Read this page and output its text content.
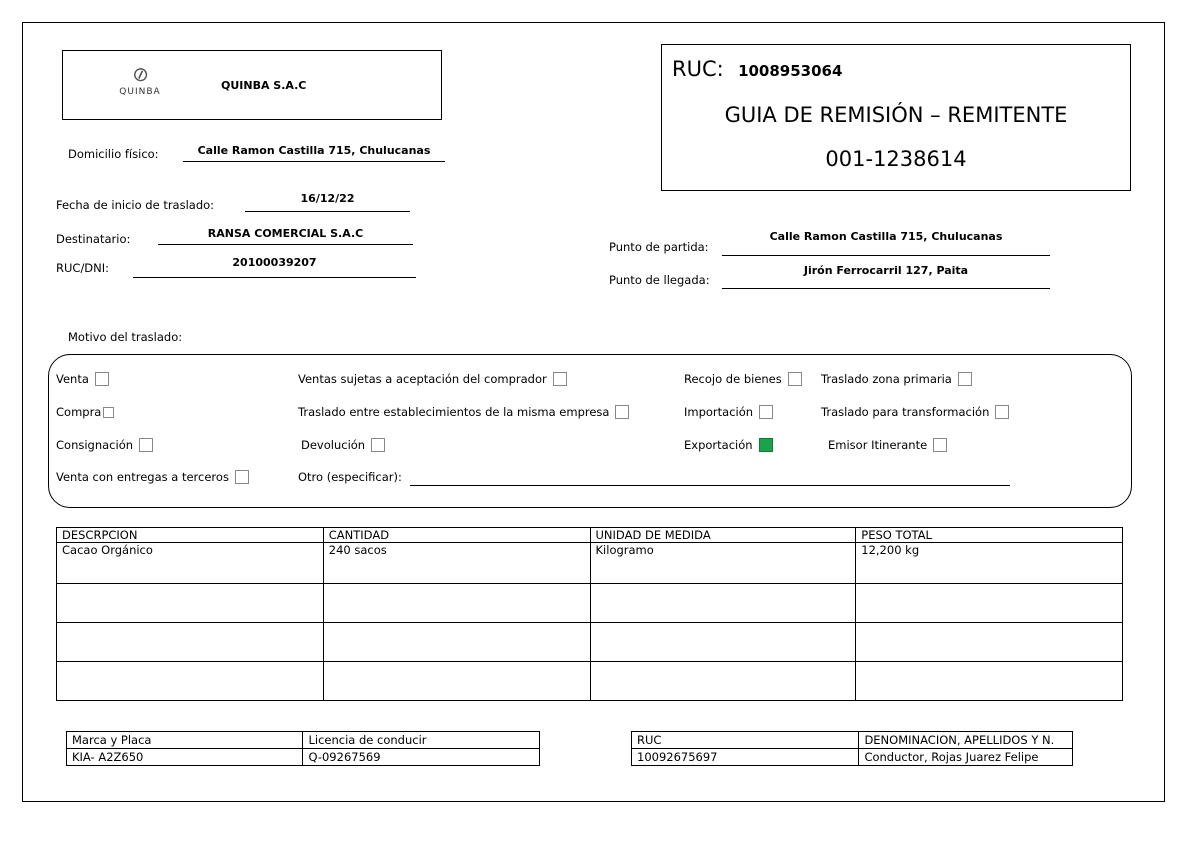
⊘
QUINBA	QUINBA S.A.C
RUC: 1008953064
GUIA DE REMISIÓN – REMITENTE
001-1238614
Domicilio físico:	Calle Ramon Castilla 715, Chulucanas
Fecha de inicio de traslado:	16/12/22
Destinatario:	RANSA COMERCIAL S.A.C
RUC/DNI:	20100039207
Punto de partida:
Calle Ramon Castilla 715, Chulucanas
Punto de llegada:
Jirón Ferrocarril 127, Paita
Motivo del traslado:
Venta
Compra
Consignación
Venta con entregas a terceros
Ventas sujetas a aceptación del comprador
Traslado entre establecimientos de la misma empresa
Devolución
Otro (especificar):
Recojo de bienes
Importación
Exportación
Traslado zona primaria
Traslado para transformación
Emisor Itinerante
DESCRPCION	CANTIDAD	UNIDAD DE MEDIDA	PESO TOTAL
Cacao Orgánico	240 sacos	Kilogramo	12,200 kg

Marca y Placa	Licencia de conducir
KIA- A2Z650	Q-09267569
RUC	DENOMINACION, APELLIDOS Y N.
10092675697	Conductor, Rojas Juarez Felipe
